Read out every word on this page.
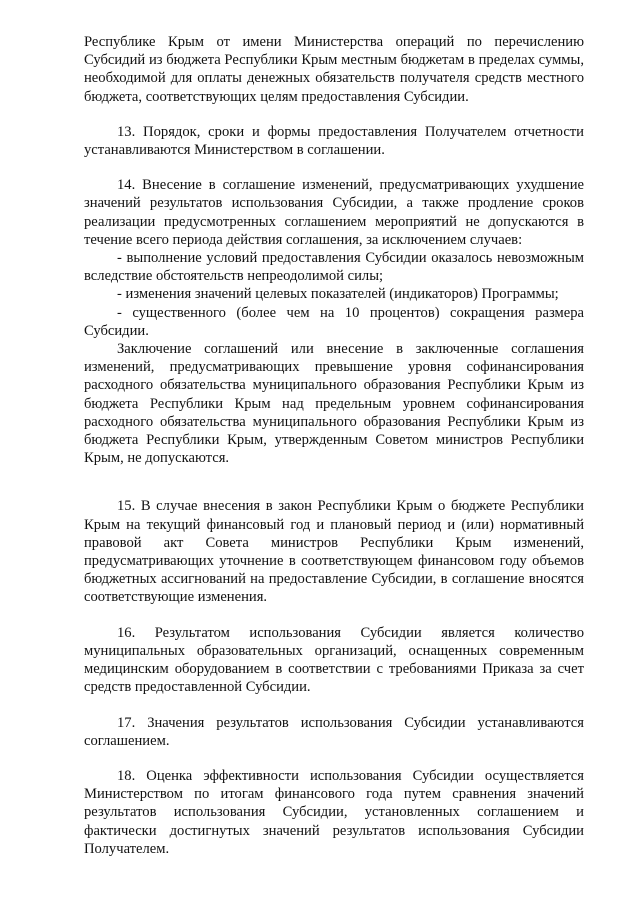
Республике Крым от имени Министерства операций по перечислению Субсидий из бюджета Республики Крым местным бюджетам в пределах суммы, необходимой для оплаты денежных обязательств получателя средств местного бюджета, соответствующих целям предоставления Субсидии.

13. Порядок, сроки и формы предоставления Получателем отчетности устанавливаются Министерством в соглашении.

14. Внесение в соглашение изменений, предусматривающих ухудшение значений результатов использования Субсидии, а также продление сроков реализации предусмотренных соглашением мероприятий не допускаются в течение всего периода действия соглашения, за исключением случаев:

- выполнение условий предоставления Субсидии оказалось невозможным вследствие обстоятельств непреодолимой силы;

- изменения значений целевых показателей (индикаторов) Программы;

- существенного (более чем на 10 процентов) сокращения размера Субсидии.

Заключение соглашений или внесение в заключенные соглашения изменений, предусматривающих превышение уровня софинансирования расходного обязательства муниципального образования Республики Крым из бюджета Республики Крым над предельным уровнем софинансирования расходного обязательства муниципального образования Республики Крым из бюджета Республики Крым, утвержденным Советом министров Республики Крым, не допускаются.

15. В случае внесения в закон Республики Крым о бюджете Республики Крым на текущий финансовый год и плановый период и (или) нормативный правовой акт Совета министров Республики Крым изменений, предусматривающих уточнение в соответствующем финансовом году объемов бюджетных ассигнований на предоставление Субсидии, в соглашение вносятся соответствующие изменения.

16. Результатом использования Субсидии является количество муниципальных образовательных организаций, оснащенных современным медицинским оборудованием в соответствии с требованиями Приказа за счет средств предоставленной Субсидии.

17. Значения результатов использования Субсидии устанавливаются соглашением.

18. Оценка эффективности использования Субсидии осуществляется Министерством по итогам финансового года путем сравнения значений результатов использования Субсидии, установленных соглашением и фактически достигнутых значений результатов использования Субсидии Получателем.
